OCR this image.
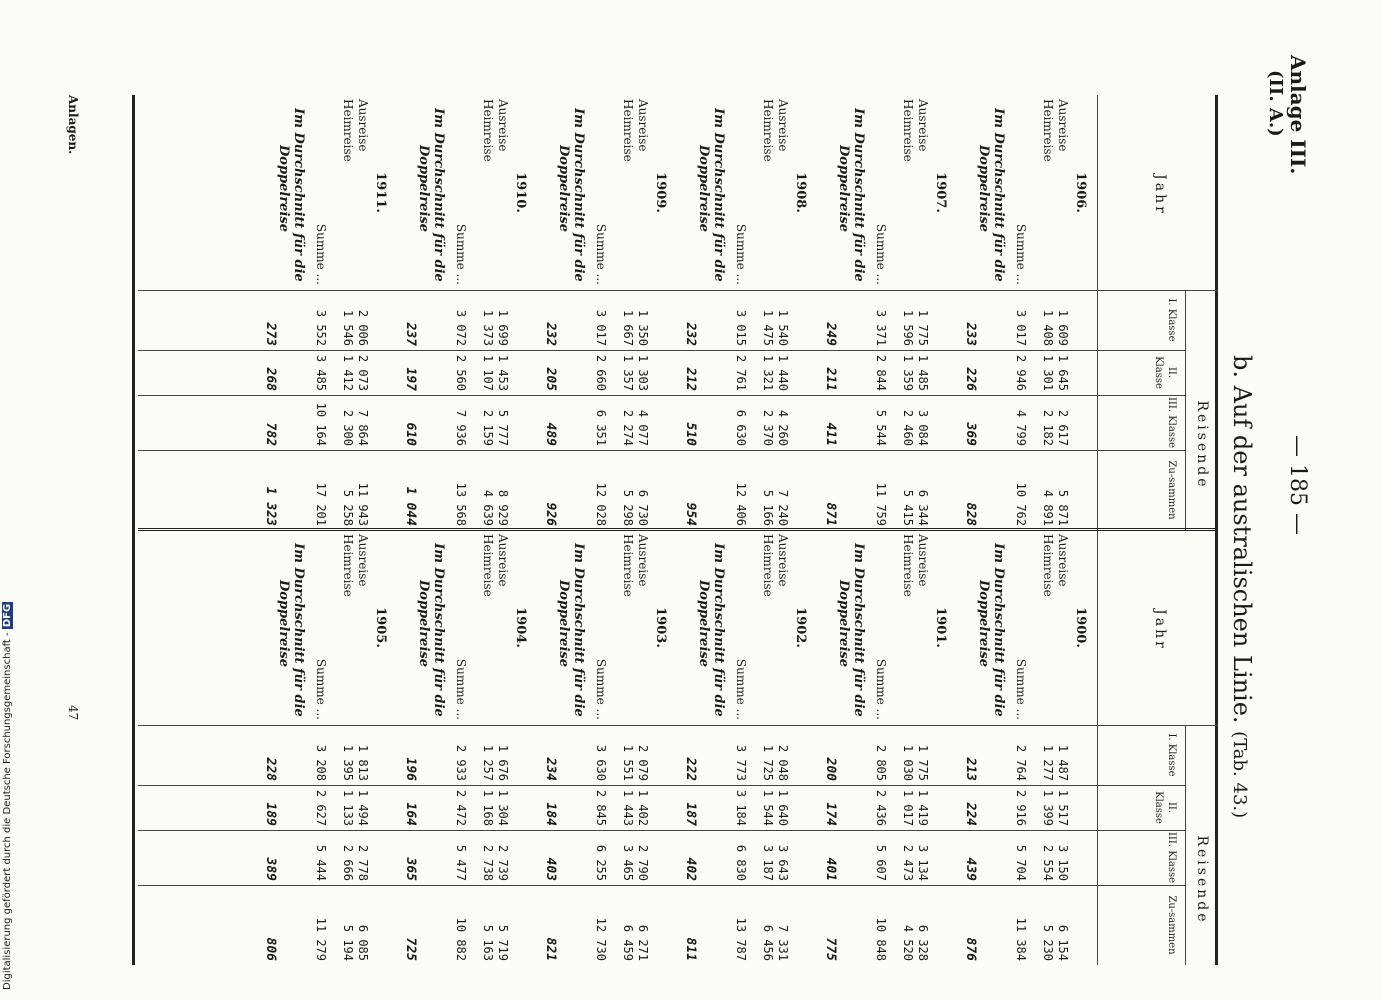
— 185 —
Anlage III.
(II. A.)
b. Auf der australischen Linie. (Tab. 43.)
Jahr
Reisende
I. Klasse
II. Klasse
III. Klasse
Zu-sammen
1906.
Ausreise
1 609
1 645
2 617
5 871
Heimreise
1 408
1 301
2 182
4 891
Summe ...
3 017
2 946
4 799
10 762
Im Durchschnitt für die
Doppelreise
233
226
369
828
1907.
Ausreise
1 775
1 485
3 084
6 344
Heimreise
1 596
1 359
2 460
5 415
Summe ...
3 371
2 844
5 544
11 759
Im Durchschnitt für die
Doppelreise
249
211
411
871
1908.
Ausreise
1 540
1 440
4 260
7 240
Heimreise
1 475
1 321
2 370
5 166
Summe ...
3 015
2 761
6 630
12 406
Im Durchschnitt für die
Doppelreise
232
212
510
954
1909.
Ausreise
1 350
1 303
4 077
6 730
Heimreise
1 667
1 357
2 274
5 298
Summe ...
3 017
2 660
6 351
12 028
Im Durchschnitt für die
Doppelreise
232
205
489
926
1910.
Ausreise
1 699
1 453
5 777
8 929
Heimreise
1 373
1 107
2 159
4 639
Summe ...
3 072
2 560
7 936
13 568
Im Durchschnitt für die
Doppelreise
237
197
610
1 044
1911.
Ausreise
2 006
2 073
7 864
11 943
Heimreise
1 546
1 412
2 300
5 258
Summe ...
3 552
3 485
10 164
17 201
Im Durchschnitt für die
Doppelreise
273
268
782
1 323
Jahr
Reisende
I. Klasse
II. Klasse
III. Klasse
Zu-sammen
1900.
Ausreise
1 487
1 517
3 150
6 154
Heimreise
1 277
1 399
2 554
5 230
Summe ...
2 764
2 916
5 704
11 384
Im Durchschnitt für die
Doppelreise
213
224
439
876
1901.
Ausreise
1 775
1 419
3 134
6 328
Heimreise
1 030
1 017
2 473
4 520
Summe ...
2 805
2 436
5 607
10 848
Im Durchschnitt für die
Doppelreise
200
174
401
775
1902.
Ausreise
2 048
1 640
3 643
7 331
Heimreise
1 725
1 544
3 187
6 456
Summe ...
3 773
3 184
6 830
13 787
Im Durchschnitt für die
Doppelreise
222
187
402
811
1903.
Ausreise
2 079
1 402
2 790
6 271
Heimreise
1 551
1 443
3 465
6 459
Summe ...
3 630
2 845
6 255
12 730
Im Durchschnitt für die
Doppelreise
234
184
403
821
1904.
Ausreise
1 676
1 304
2 739
5 719
Heimreise
1 257
1 168
2 738
5 163
Summe ...
2 933
2 472
5 477
10 882
Im Durchschnitt für die
Doppelreise
196
164
365
725
1905.
Ausreise
1 813
1 494
2 778
6 085
Heimreise
1 395
1 133
2 666
5 194
Summe ...
3 208
2 627
5 444
11 279
Im Durchschnitt für die
Doppelreise
228
189
389
806
Anlagen.
47
Digitalisierung gefördert durch die Deutsche Forschungsgemeinschaft - DFG
